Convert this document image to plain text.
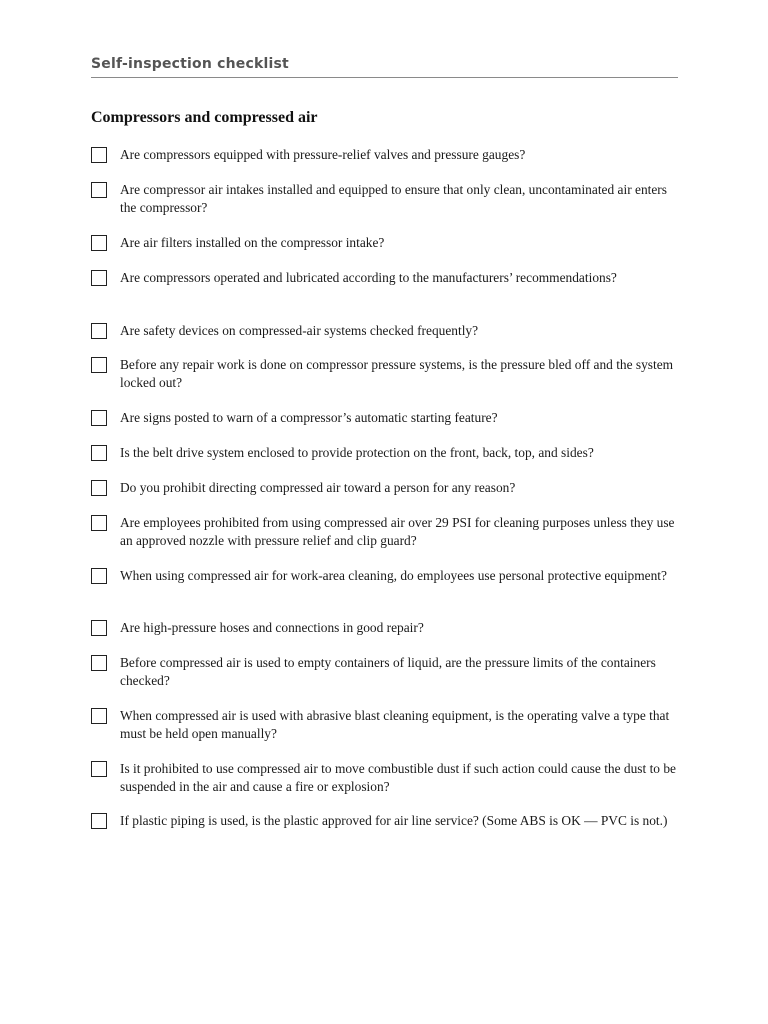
Self-inspection checklist
Compressors and compressed air
Are compressors equipped with pressure-relief valves and pressure gauges?
Are compressor air intakes installed and equipped to ensure that only clean, uncontaminated air enters the compressor?
Are air filters installed on the compressor intake?
Are compressors operated and lubricated according to the manufacturers’ recommendations?
Are safety devices on compressed-air systems checked frequently?
Before any repair work is done on compressor pressure systems, is the pressure bled off and the system locked out?
Are signs posted to warn of a compressor’s automatic starting feature?
Is the belt drive system enclosed to provide protection on the front, back, top, and sides?
Do you prohibit directing compressed air toward a person for any reason?
Are employees prohibited from using compressed air over 29 PSI for cleaning purposes unless they use an approved nozzle with pressure relief and clip guard?
When using compressed air for work-area cleaning, do employees use personal protective equipment?
Are high-pressure hoses and connections in good repair?
Before compressed air is used to empty containers of liquid, are the pressure limits of the containers checked?
When compressed air is used with abrasive blast cleaning equipment, is the operating valve a type that must be held open manually?
Is it prohibited to use compressed air to move combustible dust if such action could cause the dust to be suspended in the air and cause a fire or explosion?
If plastic piping is used, is the plastic approved for air line service? (Some ABS is OK — PVC is not.)
